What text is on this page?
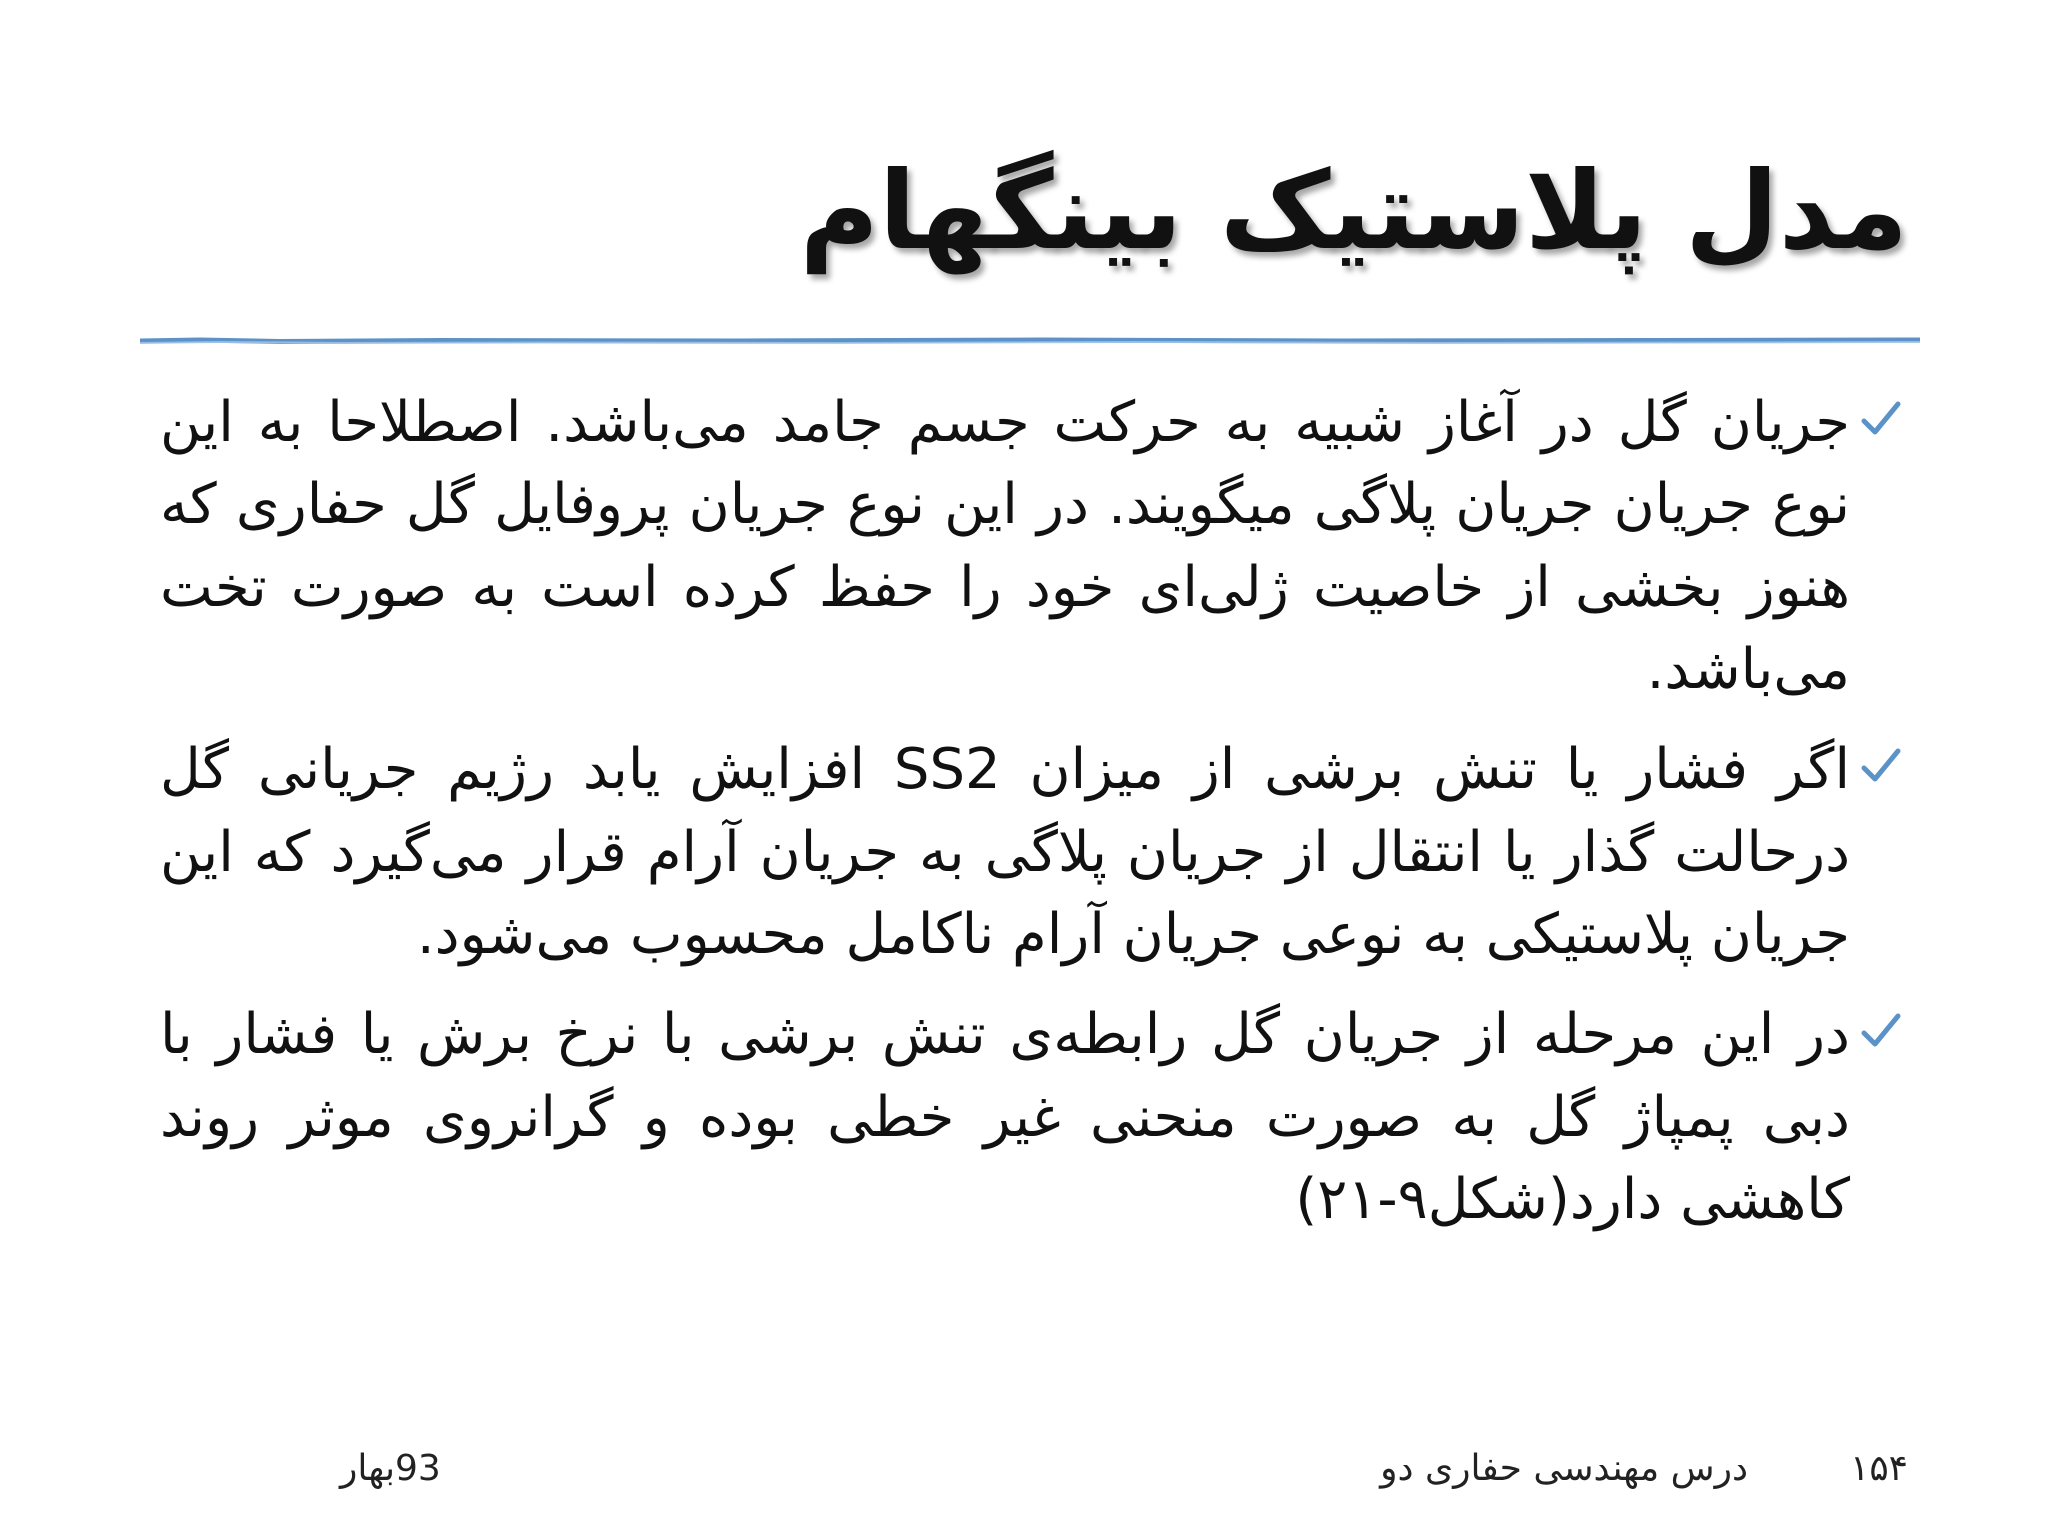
مدل پلاستیک بینگهام
جریان گل در آغاز شبیه به حرکت جسم جامد می‌باشد. اصطلاحا به این نوع جریان جریان پلاگی میگویند. در این نوع جریان پروفایل گل حفاری که هنوز بخشی از خاصیت ژلی‌ای خود را حفظ کرده است به صورت تخت می‌باشد.
اگر فشار یا تنش برشی از میزان SS2 افزایش یابد رژیم جریانی گل درحالت گذار یا انتقال از جریان پلاگی به جریان آرام قرار می‌گیرد که این جریان پلاستیکی به نوعی جریان آرام ناکامل محسوب می‌شود.
در این مرحله از جریان گل رابطه‌ی تنش برشی با نرخ برش یا فشار با دبی پمپاژ گل به صورت منحنی غیر خطی بوده و گرانروی موثر روند کاهشی دارد(شکل۹-۲۱)
۱۵۴
درس مهندسی حفاری دو
93بهار
